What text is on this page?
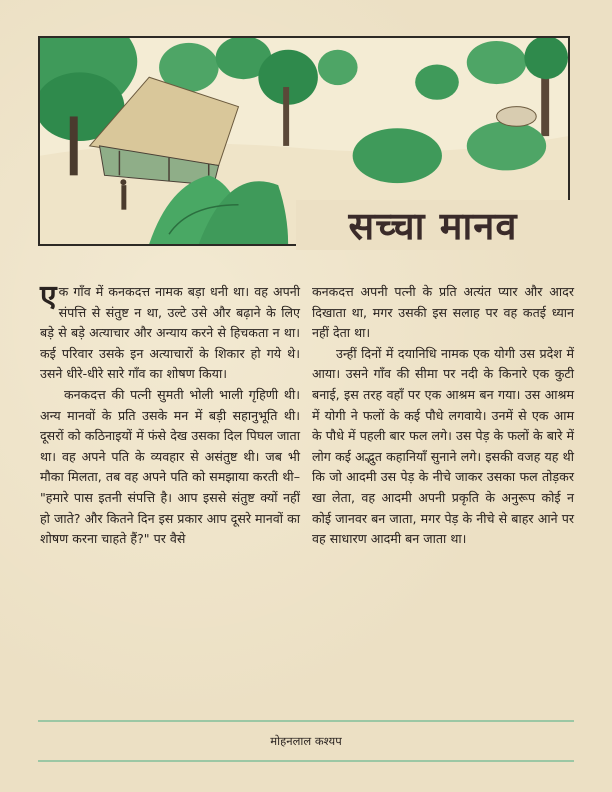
सच्चा मानव

एक गाँव में कनकदत्त नामक बड़ा धनी था। वह अपनी संपत्ति से संतुष्ट न था, उल्टे उसे और बढ़ाने के लिए बड़े से बड़े अत्याचार और अन्याय करने से हिचकता न था। कई परिवार उसके इन अत्याचारों के शिकार हो गये थे। उसने धीरे-धीरे सारे गाँव का शोषण किया।

कनकदत्त की पत्नी सुमती भोली भाली गृहिणी थी। अन्य मानवों के प्रति उसके मन में बड़ी सहानुभूति थी। दूसरों को कठिनाइयों में फंसे देख उसका दिल पिघल जाता था। वह अपने पति के व्यवहार से असंतुष्ट थी। जब भी मौका मिलता, तब वह अपने पति को समझाया करती थी– "हमारे पास इतनी संपत्ति है। आप इससे संतुष्ट क्यों नहीं हो जाते? और कितने दिन इस प्रकार आप दूसरे मानवों का शोषण करना चाहते हैं?" पर वैसे

कनकदत्त अपनी पत्नी के प्रति अत्यंत प्यार और आदर दिखाता था, मगर उसकी इस सलाह पर वह कतई ध्यान नहीं देता था।

उन्हीं दिनों में दयानिधि नामक एक योगी उस प्रदेश में आया। उसने गाँव की सीमा पर नदी के किनारे एक कुटी बनाई, इस तरह वहाँ पर एक आश्रम बन गया। उस आश्रम में योगी ने फलों के कई पौधे लगवाये। उनमें से एक आम के पौधे में पहली बार फल लगे। उस पेड़ के फलों के बारे में लोग कई अद्भुत कहानियाँ सुनाने लगे। इसकी वजह यह थी कि जो आदमी उस पेड़ के नीचे जाकर उसका फल तोड़कर खा लेता, वह आदमी अपनी प्रकृति के अनुरूप कोई न कोई जानवर बन जाता, मगर पेड़ के नीचे से बाहर आने पर वह साधारण आदमी बन जाता था।

मोहनलाल कश्यप
